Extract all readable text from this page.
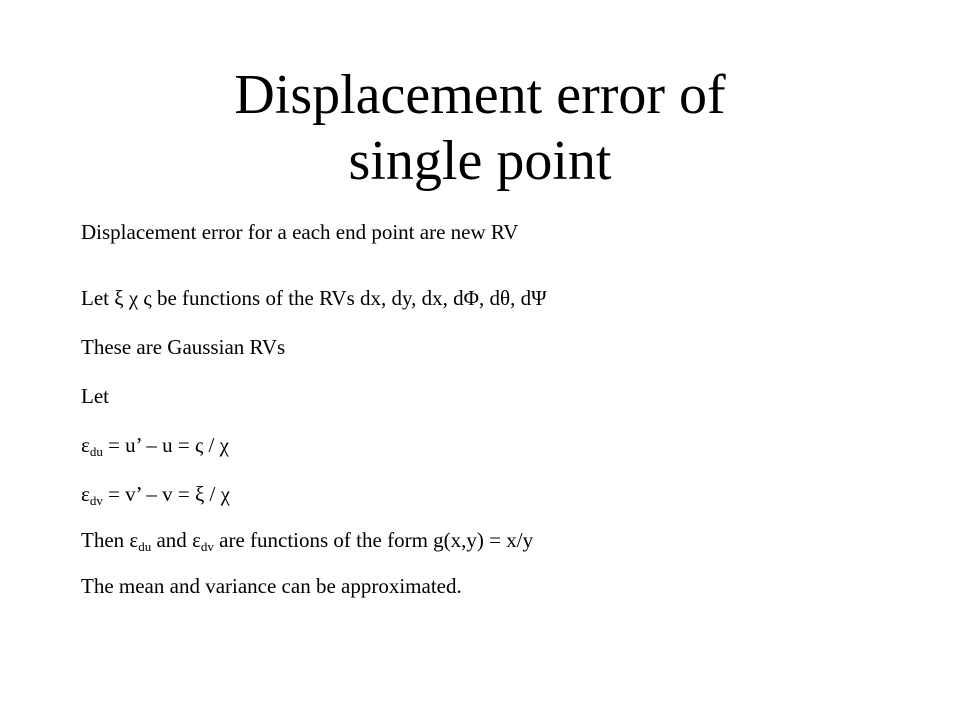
Displacement error of
single point
Displacement error for a each end point are new RV
Let ξ χ ς be functions of the RVs dx, dy, dx, dΦ, dθ, dΨ
These are Gaussian RVs
Let
$\varepsilon_{du} = u$’ – u = ς / χ
$\varepsilon_{dv} = v$’ – v = ξ / χ
Then $\varepsilon_{du}$ and $\varepsilon_{dv}$ are functions of the form g(x,y) = x/y
The mean and variance can be approximated.
